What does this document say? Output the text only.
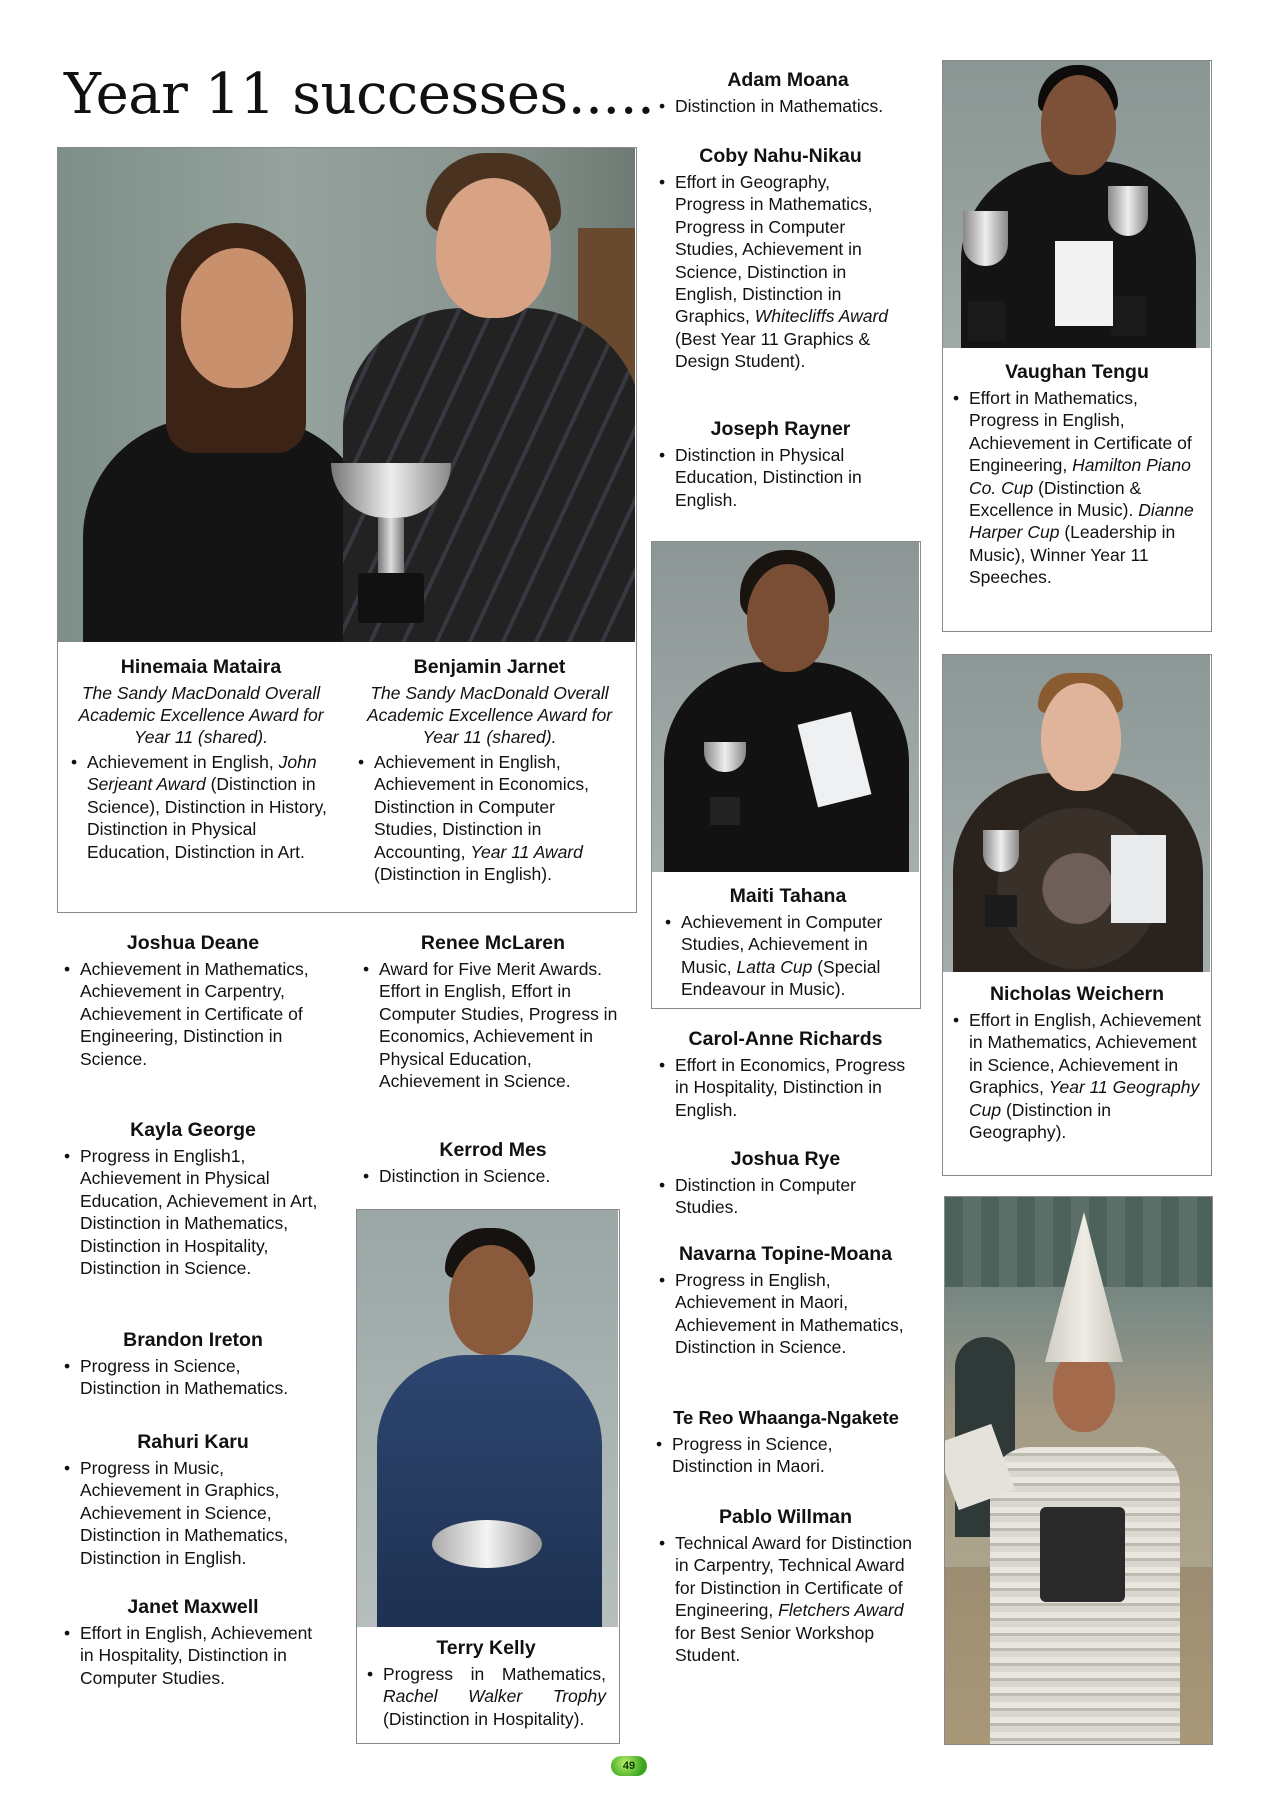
Year 11 successes.....
Hinemaia Mataira
The Sandy MacDonald Overall Academic Excellence Award for Year 11 (shared).
• Achievement in English, John Serjeant Award (Distinction in Science), Distinction in History, Distinction in Physical Education, Distinction in Art.
Benjamin Jarnet
The Sandy MacDonald Overall Academic Excellence Award for Year 11 (shared).
• Achievement in English, Achievement in Economics, Distinction in Computer Studies, Distinction in Accounting, Year 11 Award (Distinction in English).
Joshua Deane
• Achievement in Mathematics, Achievement in Carpentry, Achievement in Certificate of Engineering, Distinction in Science.
Kayla George
• Progress in English1, Achievement in Physical Education, Achievement in Art, Distinction in Mathematics, Distinction in Hospitality, Distinction in Science.
Brandon Ireton
• Progress in Science, Distinction in Mathematics.
Rahuri Karu
• Progress in Music, Achievement in Graphics, Achievement in Science, Distinction in Mathematics, Distinction in English.
Janet Maxwell
• Effort in English, Achievement in Hospitality, Distinction in Computer Studies.
Renee McLaren
• Award for Five Merit Awards. Effort in English, Effort in Computer Studies, Progress in Economics, Achievement in Physical Education, Achievement in Science.
Kerrod Mes
• Distinction in Science.
Terry Kelly
• Progress in Mathematics, Rachel Walker Trophy (Distinction in Hospitality).
Adam Moana
• Distinction in Mathematics.
Coby Nahu-Nikau
• Effort in Geography, Progress in Mathematics, Progress in Computer Studies, Achievement in Science, Distinction in English, Distinction in Graphics, Whitecliffs Award (Best Year 11 Graphics & Design Student).
Joseph Rayner
• Distinction in Physical Education, Distinction in English.
Maiti Tahana
• Achievement in Computer Studies, Achievement in Music, Latta Cup (Special Endeavour in Music).
Carol-Anne Richards
• Effort in Economics, Progress in Hospitality, Distinction in English.
Joshua Rye
• Distinction in Computer Studies.
Navarna Topine-Moana
• Progress in English, Achievement in Maori, Achievement in Mathematics, Distinction in Science.
Te Reo Whaanga-Ngakete
• Progress in Science, Distinction in Maori.
Pablo Willman
• Technical Award for Distinction in Carpentry, Technical Award for Distinction in Certificate of Engineering, Fletchers Award for Best Senior Workshop Student.
Vaughan Tengu
• Effort in Mathematics, Progress in English, Achievement in Certificate of Engineering, Hamilton Piano Co. Cup (Distinction & Excellence in Music). Dianne Harper Cup (Leadership in Music), Winner Year 11 Speeches.
Nicholas Weichern
• Effort in English, Achievement in Mathematics, Achievement in Science, Achievement in Graphics, Year 11 Geography Cup (Distinction in Geography).
49
